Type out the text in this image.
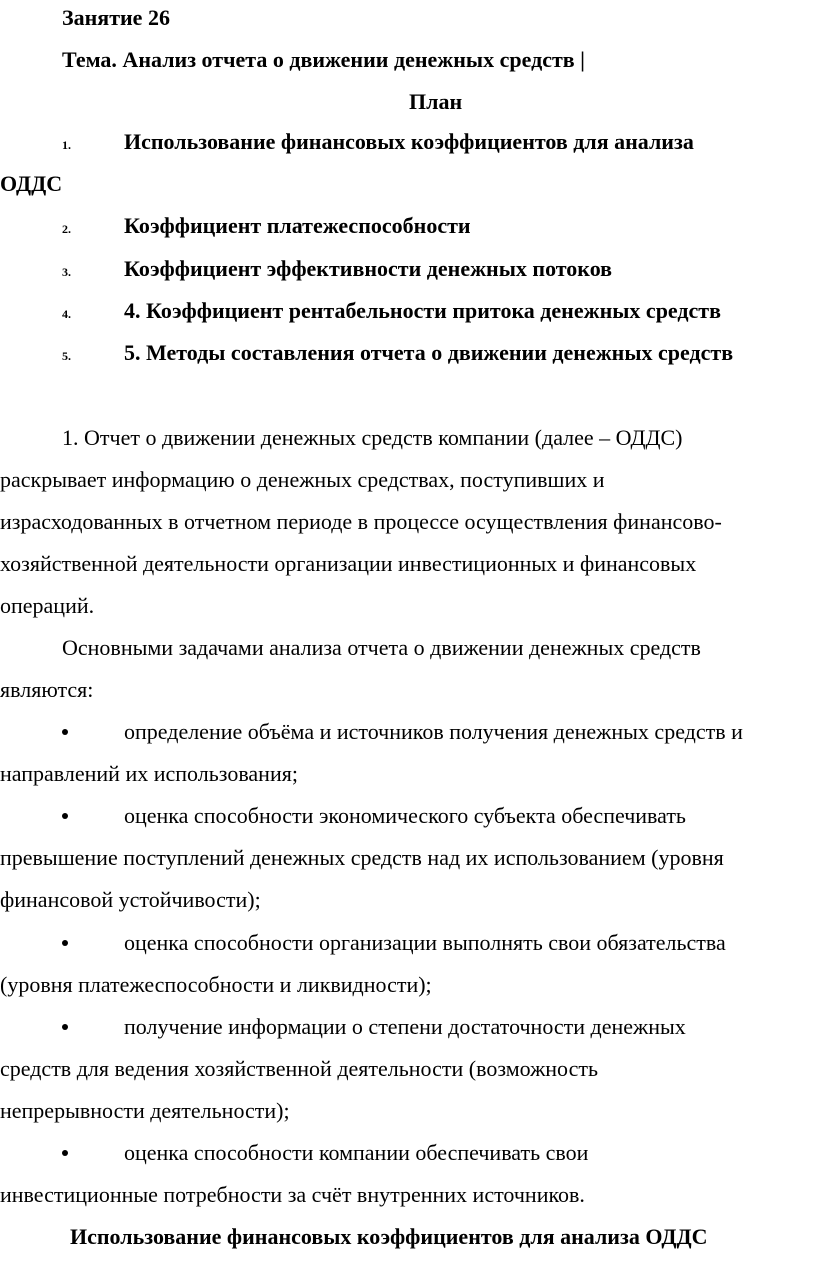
Занятие 26
Тема. Анализ отчета о движении денежных средств |
План
1. Использование финансовых коэффициентов для анализа
ОДДС
2. Коэффициент платежеспособности
3. Коэффициент эффективности денежных потоков
4. 4. Коэффициент рентабельности притока денежных средств
5. 5. Методы составления отчета о движении денежных средств
1. Отчет о движении денежных средств компании (далее – ОДДС)
раскрывает информацию о денежных средствах, поступивших и
израсходованных в отчетном периоде в процессе осуществления финансово-
хозяйственной деятельности организации инвестиционных и финансовых
операций.
Основными задачами анализа отчета о движении денежных средств
являются:
определение объёма и источников получения денежных средств и
направлений их использования;
оценка способности экономического субъекта обеспечивать
превышение поступлений денежных средств над их использованием (уровня
финансовой устойчивости);
оценка способности организации выполнять свои обязательства
(уровня платежеспособности и ликвидности);
получение информации о степени достаточности денежных
средств для ведения хозяйственной деятельности (возможность
непрерывности деятельности);
оценка способности компании обеспечивать свои
инвестиционные потребности за счёт внутренних источников.
Использование финансовых коэффициентов для анализа ОДДС
